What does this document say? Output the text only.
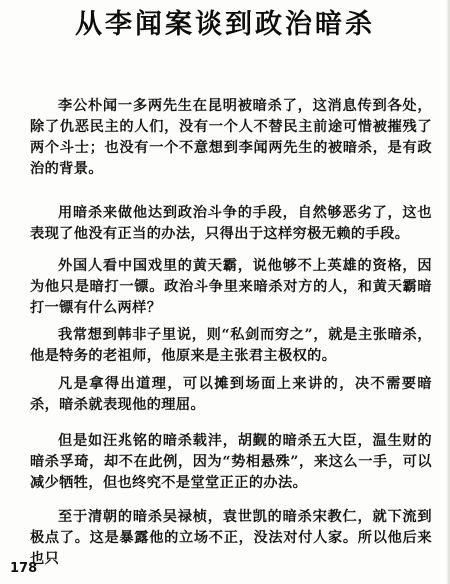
从李闻案谈到政治暗杀

李公朴闻一多两先生在昆明被暗杀了，这消息传到各处，除了仇恶民主的人们，没有一个人不替民主前途可惜被摧残了两个斗士；也没有一个不意想到李闻两先生的被暗杀，是有政治的背景。

用暗杀来做他达到政治斗争的手段，自然够恶劣了，这也表现了他没有正当的办法，只得出于这样穷极无赖的手段。

外国人看中国戏里的黄天霸，说他够不上英雄的资格，因为他只是暗打一镖。政治斗争里来暗杀对方的人，和黄天霸暗打一镖有什么两样？

我常想到韩非子里说，则“私剑而穷之”，就是主张暗杀，他是特务的老祖师，他原来是主张君主极权的。

凡是拿得出道理，可以摊到场面上来讲的，决不需要暗杀，暗杀就表现他的理屈。

但是如汪兆铭的暗杀载沣，胡觐的暗杀五大臣，温生财的暗杀孚琦，却不在此例，因为“势相悬殊”，来这么一手，可以减少牺牲，但也终究不是堂堂正正的办法。

至于清朝的暗杀吴禄桢，袁世凯的暗杀宋教仁，就下流到极点了。这是暴露他的立场不正，没法对付人家。所以他后来也只

178
